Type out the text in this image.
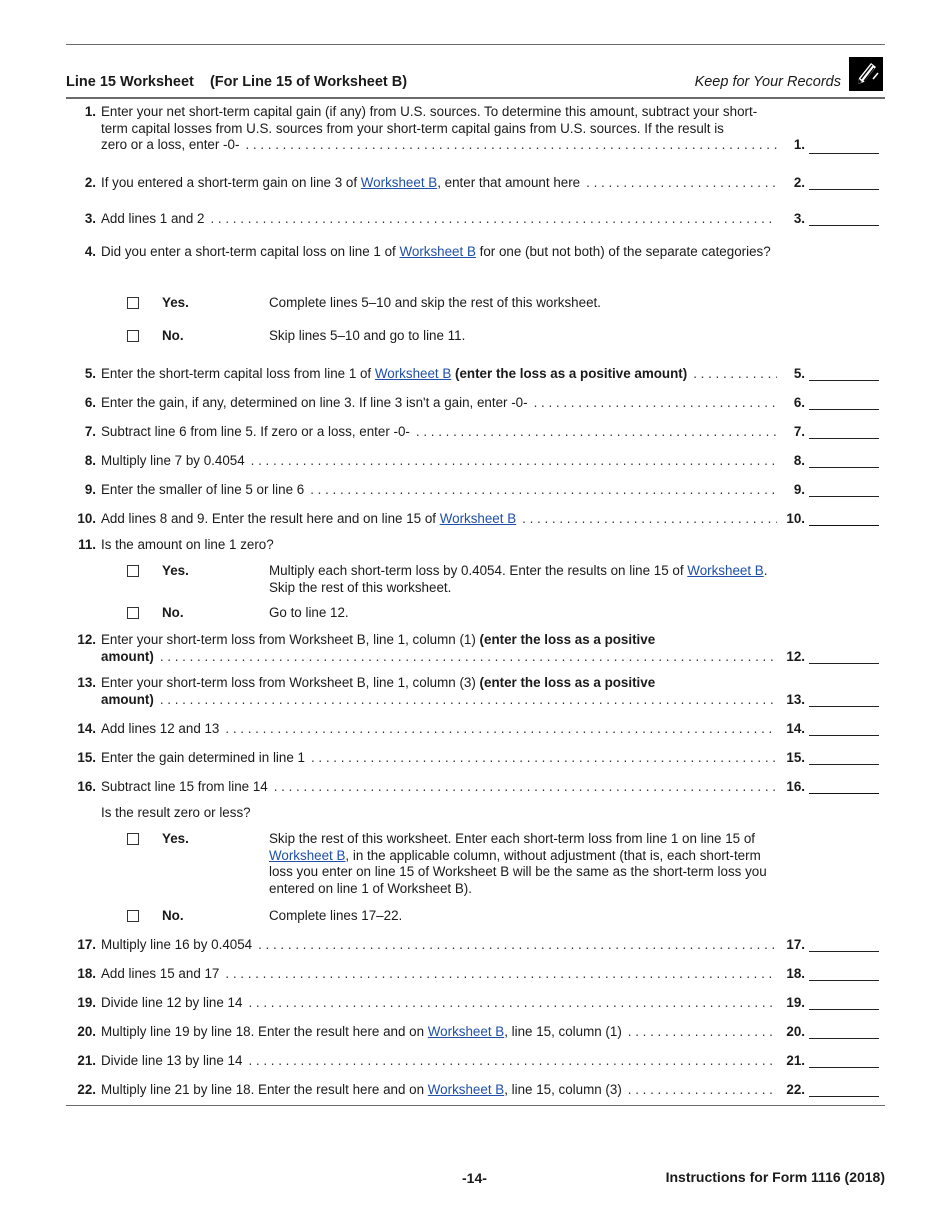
Line 15 Worksheet    (For Line 15 of Worksheet B)	Keep for Your Records
1. Enter your net short-term capital gain (if any) from U.S. sources. To determine this amount, subtract your short-term capital losses from U.S. sources from your short-term capital gains from U.S. sources. If the result is
zero or a loss, enter -0- . . .	1.
2. If you entered a short-term gain on line 3 of Worksheet B, enter that amount here . . .	2.
3. Add lines 1 and 2 . . .	3.
4. Did you enter a short-term capital loss on line 1 of Worksheet B for one (but not both) of the separate categories?
Yes.	Complete lines 5–10 and skip the rest of this worksheet.
No.	Skip lines 5–10 and go to line 11.
5. Enter the short-term capital loss from line 1 of Worksheet B (enter the loss as a positive amount) . . .	5.
6. Enter the gain, if any, determined on line 3. If line 3 isn't a gain, enter -0- . . .	6.
7. Subtract line 6 from line 5. If zero or a loss, enter -0- . . .	7.
8. Multiply line 7 by 0.4054 . . .	8.
9. Enter the smaller of line 5 or line 6 . . .	9.
10. Add lines 8 and 9. Enter the result here and on line 15 of Worksheet B . . .	10.
11. Is the amount on line 1 zero?
Yes.	Multiply each short-term loss by 0.4054. Enter the results on line 15 of Worksheet B. Skip the rest of this worksheet.
No.	Go to line 12.
12. Enter your short-term loss from Worksheet B, line 1, column (1) (enter the loss as a positive
amount) . . .	12.
13. Enter your short-term loss from Worksheet B, line 1, column (3) (enter the loss as a positive
amount) . . .	13.
14. Add lines 12 and 13 . . .	14.
15. Enter the gain determined in line 1 . . .	15.
16. Subtract line 15 from line 14 . . .	16.
Is the result zero or less?
Yes.	Skip the rest of this worksheet. Enter each short-term loss from line 1 on line 15 of Worksheet B, in the applicable column, without adjustment (that is, each short-term loss you enter on line 15 of Worksheet B will be the same as the short-term loss you entered on line 1 of Worksheet B).
No.	Complete lines 17–22.
17. Multiply line 16 by 0.4054 . . .	17.
18. Add lines 15 and 17 . . .	18.
19. Divide line 12 by line 14 . . .	19.
20. Multiply line 19 by line 18. Enter the result here and on Worksheet B, line 15, column (1) . . .	20.
21. Divide line 13 by line 14 . . .	21.
22. Multiply line 21 by line 18. Enter the result here and on Worksheet B, line 15, column (3) . . .	22.
-14-	Instructions for Form 1116 (2018)
